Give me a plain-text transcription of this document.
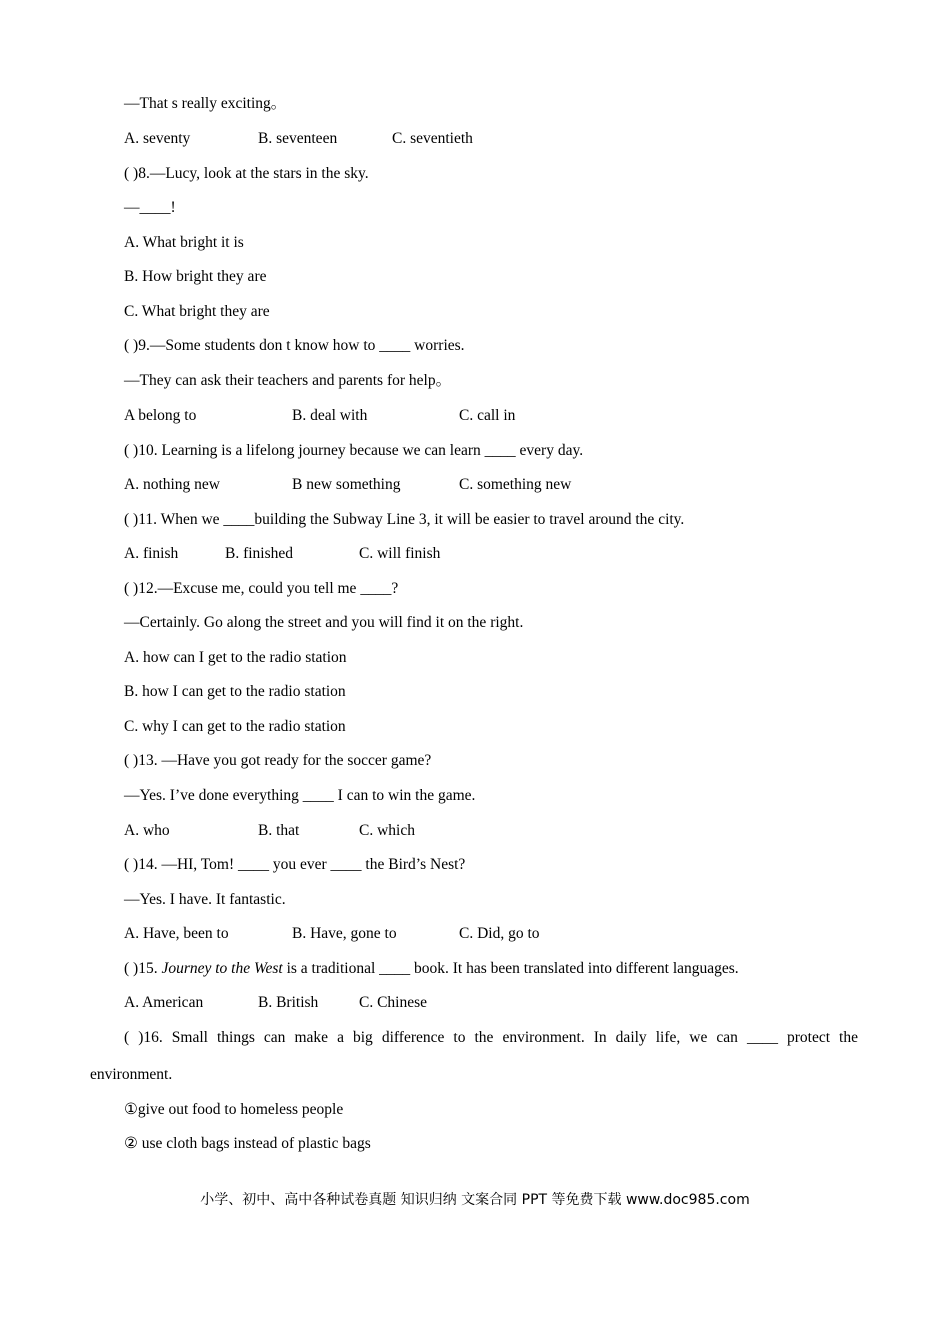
—That s really exciting。
A. seventy	B. seventeen	C. seventieth
( )8.—Lucy, look at the stars in the sky.
—____!
A. What bright it is
B. How bright they are
C. What bright they are
( )9.—Some students don t know how to ____ worries.
—They can ask their teachers and parents for help。
A belong to	B. deal with	C. call in
( )10. Learning is a lifelong journey because we can learn ____ every day.
A. nothing new	B new something	C. something new
( )11. When we ____building the Subway Line 3, it will be easier to travel around the city.
A. finish	B. finished	C. will finish
( )12.—Excuse me, could you tell me ____?
—Certainly. Go along the street and you will find it on the right.
A. how can I get to the radio station
B. how I can get to the radio station
C. why I can get to the radio station
( )13. —Have you got ready for the soccer game?
—Yes. I’ve done everything ____ I can to win the game.
A. who	B. that	C. which
( )14. —HI, Tom! ____ you ever ____ the Bird’s Nest?
—Yes. I have. It fantastic.
A. Have, been to	B. Have, gone to	C. Did, go to
( )15. Journey to the West is a traditional ____ book. It has been translated into different languages.
A. American	B. British	C. Chinese
( )16. Small things can make a big difference to the environment. In daily life, we can ____ protect the
environment.
①give out food to homeless people
② use cloth bags instead of plastic bags
小学、初中、高中各种试卷真题 知识归纳 文案合同 PPT 等免费下载 www.doc985.com
